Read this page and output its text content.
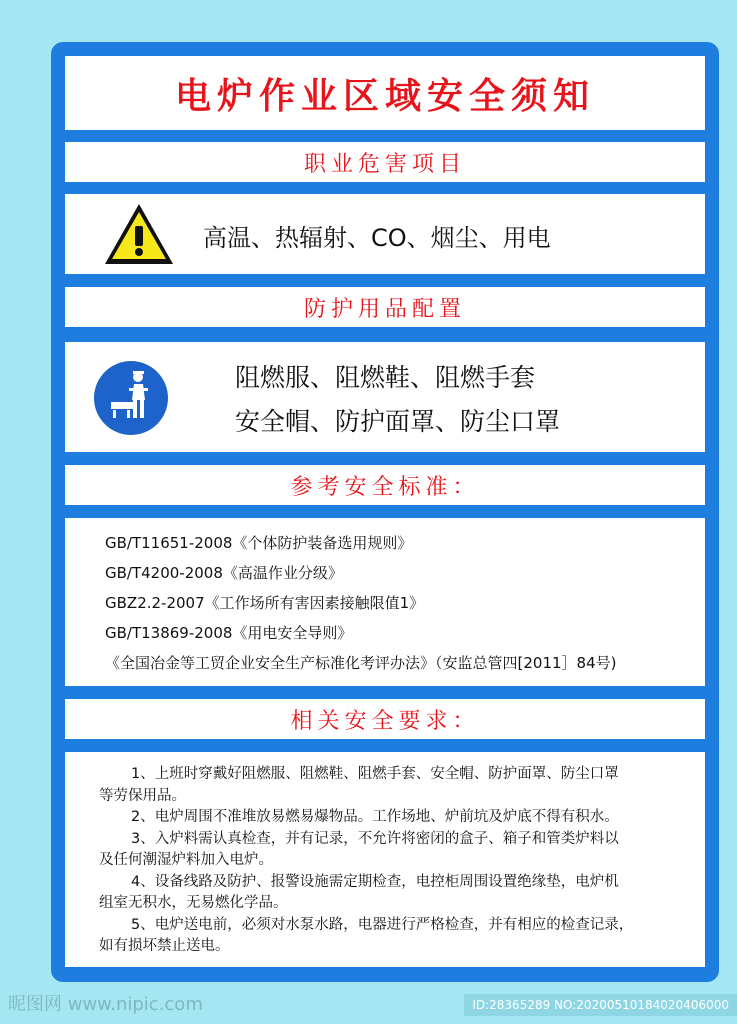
电炉作业区域安全须知
职业危害项目
高温、热辐射、CO、烟尘、用电
防护用品配置
阻燃服、阻燃鞋、阻燃手套
安全帽、防护面罩、防尘口罩
参考安全标准：
GB/T11651-2008《个体防护装备选用规则》
GB/T4200-2008《高温作业分级》
GBZ2.2-2007《工作场所有害因素接触限值1》
GB/T13869-2008《用电安全导则》
《全国冶金等工贸企业安全生产标准化考评办法》（安监总管四[2011］84号)
相关安全要求：
1、上班时穿戴好阻燃服、阻燃鞋、阻燃手套、安全帽、防护面罩、防尘口罩
等劳保用品。
2、电炉周围不准堆放易燃易爆物品。工作场地、炉前坑及炉底不得有积水。
3、入炉料需认真检查，并有记录，不允许将密闭的盒子、箱子和管类炉料以
及任何潮湿炉料加入电炉。
4、设备线路及防护、报警设施需定期检查，电控柜周围设置绝缘垫，电炉机
组室无积水，无易燃化学品。
5、电炉送电前，必须对水泵水路，电器进行严格检查，并有相应的检查记录，
如有损坏禁止送电。
昵图网 www.nipic.com	ID:28365289 NO:20200510184020406000
